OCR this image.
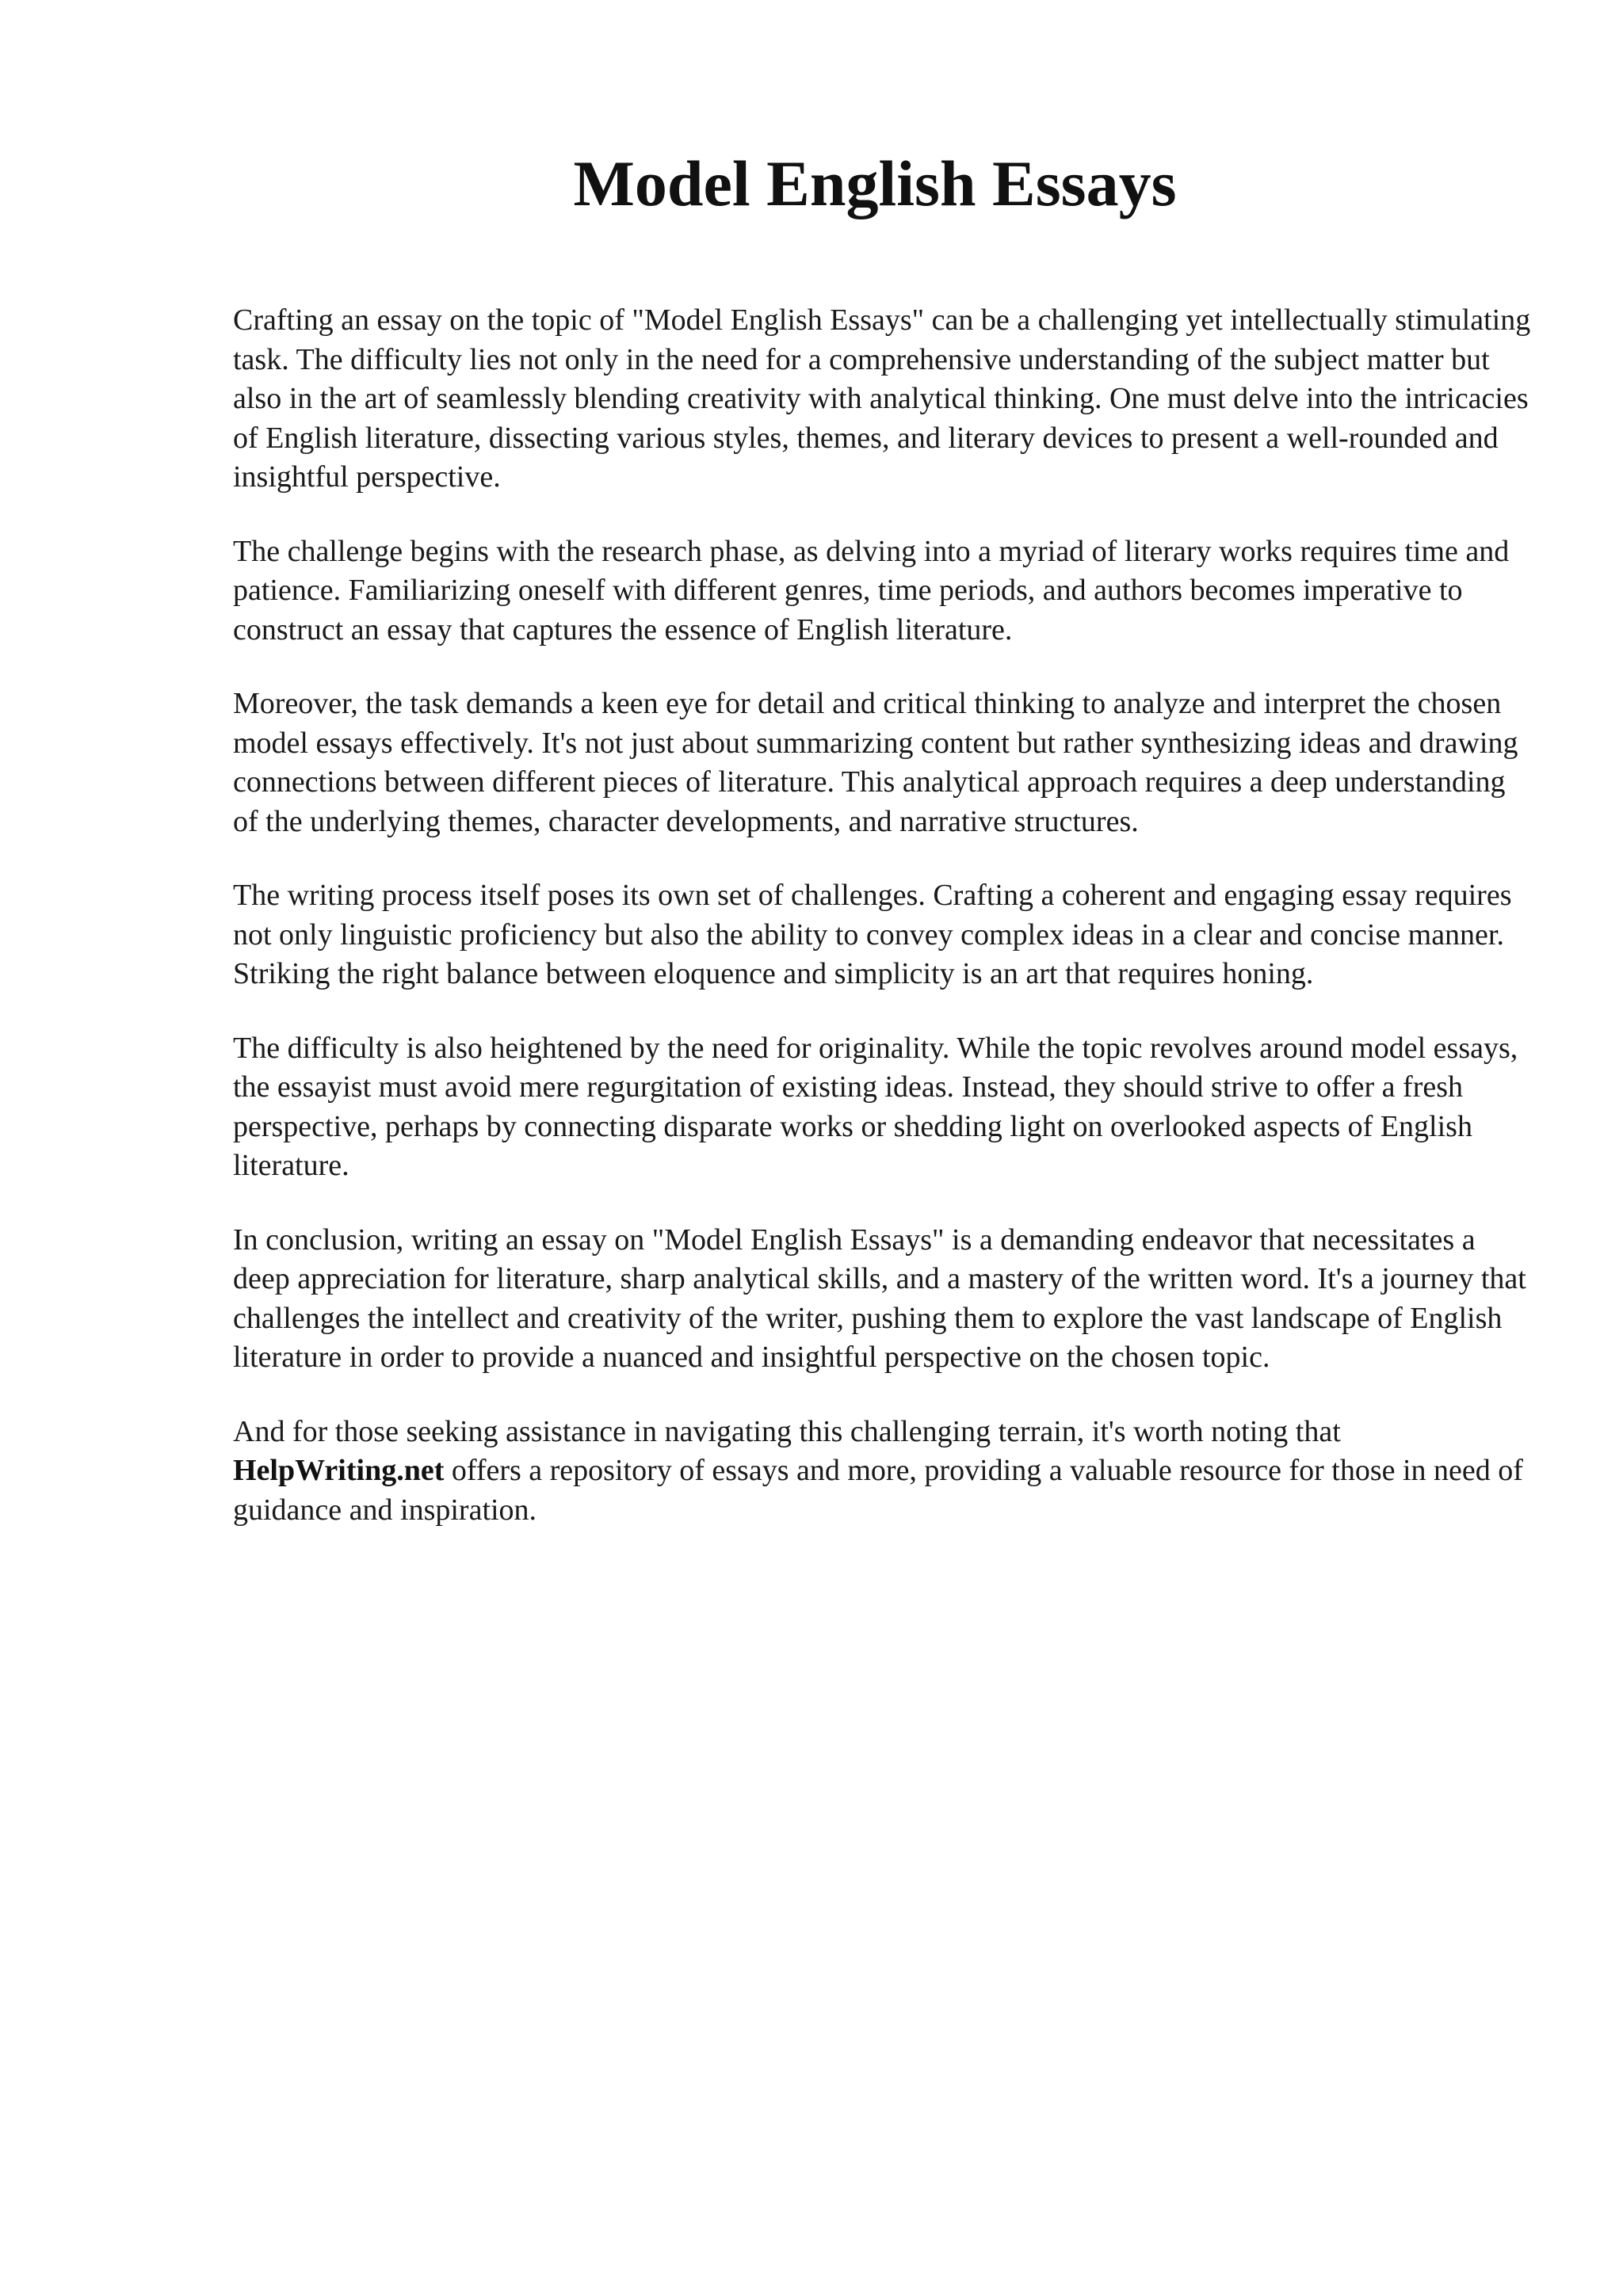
Model English Essays

Crafting an essay on the topic of "Model English Essays" can be a challenging yet intellectually stimulating task. The difficulty lies not only in the need for a comprehensive understanding of the subject matter but also in the art of seamlessly blending creativity with analytical thinking. One must delve into the intricacies of English literature, dissecting various styles, themes, and literary devices to present a well-rounded and insightful perspective.

The challenge begins with the research phase, as delving into a myriad of literary works requires time and patience. Familiarizing oneself with different genres, time periods, and authors becomes imperative to construct an essay that captures the essence of English literature.

Moreover, the task demands a keen eye for detail and critical thinking to analyze and interpret the chosen model essays effectively. It's not just about summarizing content but rather synthesizing ideas and drawing connections between different pieces of literature. This analytical approach requires a deep understanding of the underlying themes, character developments, and narrative structures.

The writing process itself poses its own set of challenges. Crafting a coherent and engaging essay requires not only linguistic proficiency but also the ability to convey complex ideas in a clear and concise manner. Striking the right balance between eloquence and simplicity is an art that requires honing.

The difficulty is also heightened by the need for originality. While the topic revolves around model essays, the essayist must avoid mere regurgitation of existing ideas. Instead, they should strive to offer a fresh perspective, perhaps by connecting disparate works or shedding light on overlooked aspects of English literature.

In conclusion, writing an essay on "Model English Essays" is a demanding endeavor that necessitates a deep appreciation for literature, sharp analytical skills, and a mastery of the written word. It's a journey that challenges the intellect and creativity of the writer, pushing them to explore the vast landscape of English literature in order to provide a nuanced and insightful perspective on the chosen topic.

And for those seeking assistance in navigating this challenging terrain, it's worth noting that HelpWriting.net offers a repository of essays and more, providing a valuable resource for those in need of guidance and inspiration.
